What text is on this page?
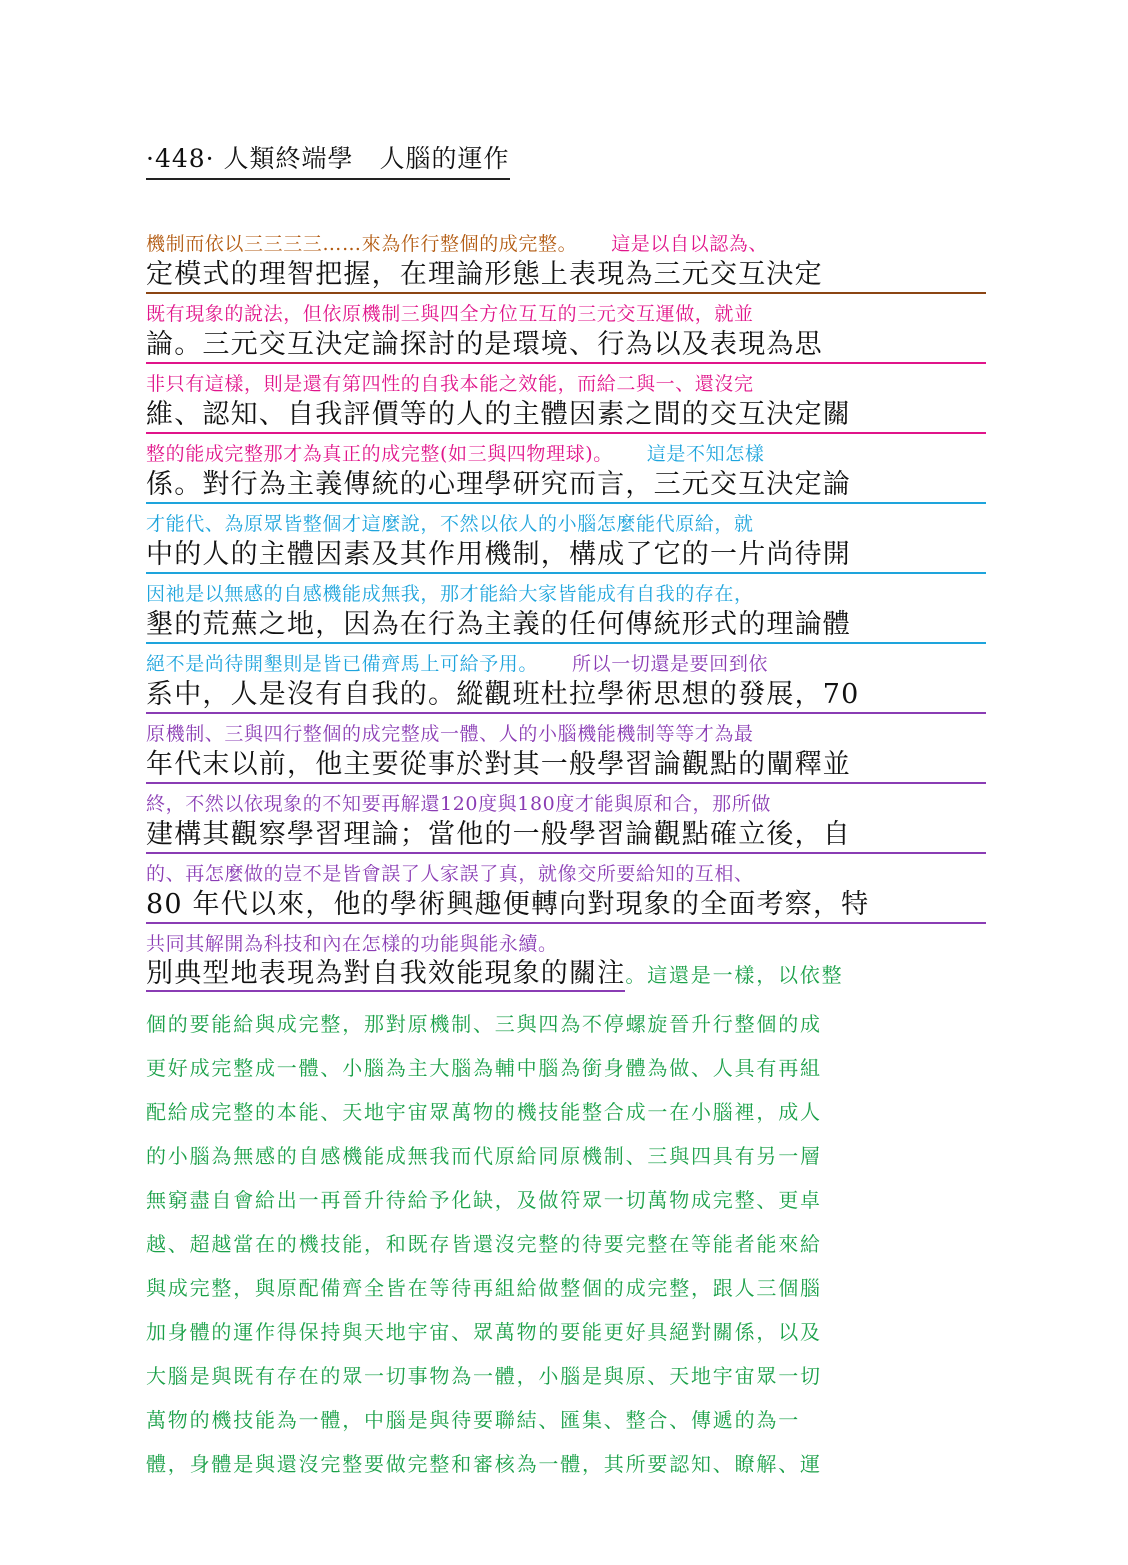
·448· 人類終端學　人腦的運作
機制而依以三三三三……來為作行整個的成完整。 這是以自以認為、
定模式的理智把握，在理論形態上表現為三元交互決定
既有現象的說法，但依原機制三與四全方位互互的三元交互運做，就並
論。三元交互決定論探討的是環境、行為以及表現為思
非只有這樣，則是還有第四性的自我本能之效能，而給二與一、還沒完
維、認知、自我評價等的人的主體因素之間的交互決定關
整的能成完整那才為真正的成完整(如三與四物理球)。 這是不知怎樣
係。對行為主義傳統的心理學研究而言，三元交互決定論
才能代、為原眾皆整個才這麼說，不然以依人的小腦怎麼能代原給，就
中的人的主體因素及其作用機制，構成了它的一片尚待開
因祂是以無感的自感機能成無我，那才能給大家皆能成有自我的存在，
墾的荒蕪之地，因為在行為主義的任何傳統形式的理論體
絕不是尚待開墾則是皆已備齊馬上可給予用。 所以一切還是要回到依
系中，人是沒有自我的。縱觀班杜拉學術思想的發展，70
原機制、三與四行整個的成完整成一體、人的小腦機能機制等等才為最
年代末以前，他主要從事於對其一般學習論觀點的闡釋並
終，不然以依現象的不知要再解還120度與180度才能與原和合，那所做
建構其觀察學習理論；當他的一般學習論觀點確立後，自
的、再怎麼做的豈不是皆會誤了人家誤了真，就像交所要給知的互相、
80 年代以來，他的學術興趣便轉向對現象的全面考察，特
共同其解開為科技和內在怎樣的功能與能永續。
別典型地表現為對自我效能現象的關注。這還是一樣，以依整
個的要能給與成完整，那對原機制、三與四為不停螺旋晉升行整個的成
更好成完整成一體、小腦為主大腦為輔中腦為銜身體為做、人具有再組
配給成完整的本能、天地宇宙眾萬物的機技能整合成一在小腦裡，成人
的小腦為無感的自感機能成無我而代原給同原機制、三與四具有另一層
無窮盡自會給出一再晉升待給予化缺，及做符眾一切萬物成完整、更卓
越、超越當在的機技能，和既存皆還沒完整的待要完整在等能者能來給
與成完整，與原配備齊全皆在等待再組給做整個的成完整，跟人三個腦
加身體的運作得保持與天地宇宙、眾萬物的要能更好具絕對關係，以及
大腦是與既有存在的眾一切事物為一體，小腦是與原、天地宇宙眾一切
萬物的機技能為一體，中腦是與待要聯結、匯集、整合、傳遞的為一
體，身體是與還沒完整要做完整和審核為一體，其所要認知、瞭解、運
